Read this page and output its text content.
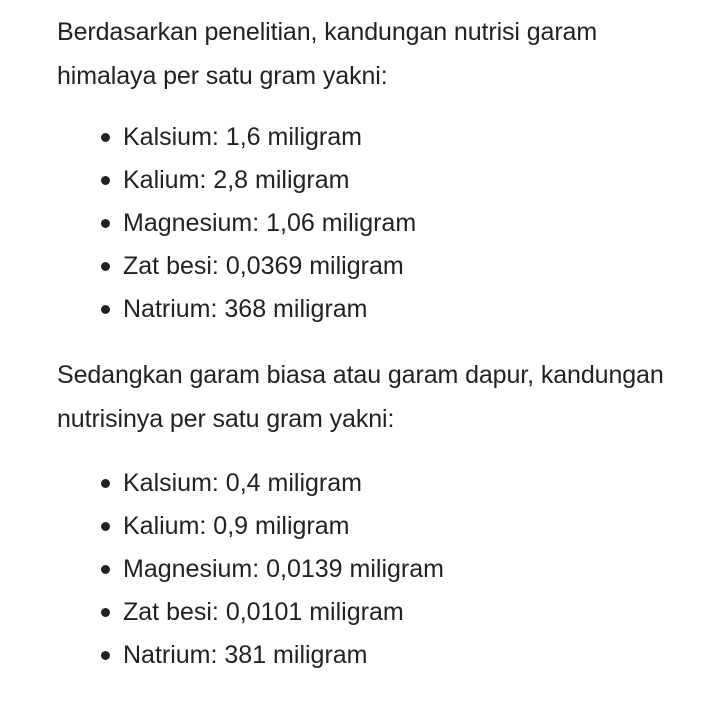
Berdasarkan penelitian, kandungan nutrisi garam himalaya per satu gram yakni:

Kalsium: 1,6 miligram
Kalium: 2,8 miligram
Magnesium: 1,06 miligram
Zat besi: 0,0369 miligram
Natrium: 368 miligram

Sedangkan garam biasa atau garam dapur, kandungan nutrisinya per satu gram yakni:

Kalsium: 0,4 miligram
Kalium: 0,9 miligram
Magnesium: 0,0139 miligram
Zat besi: 0,0101 miligram
Natrium: 381 miligram
